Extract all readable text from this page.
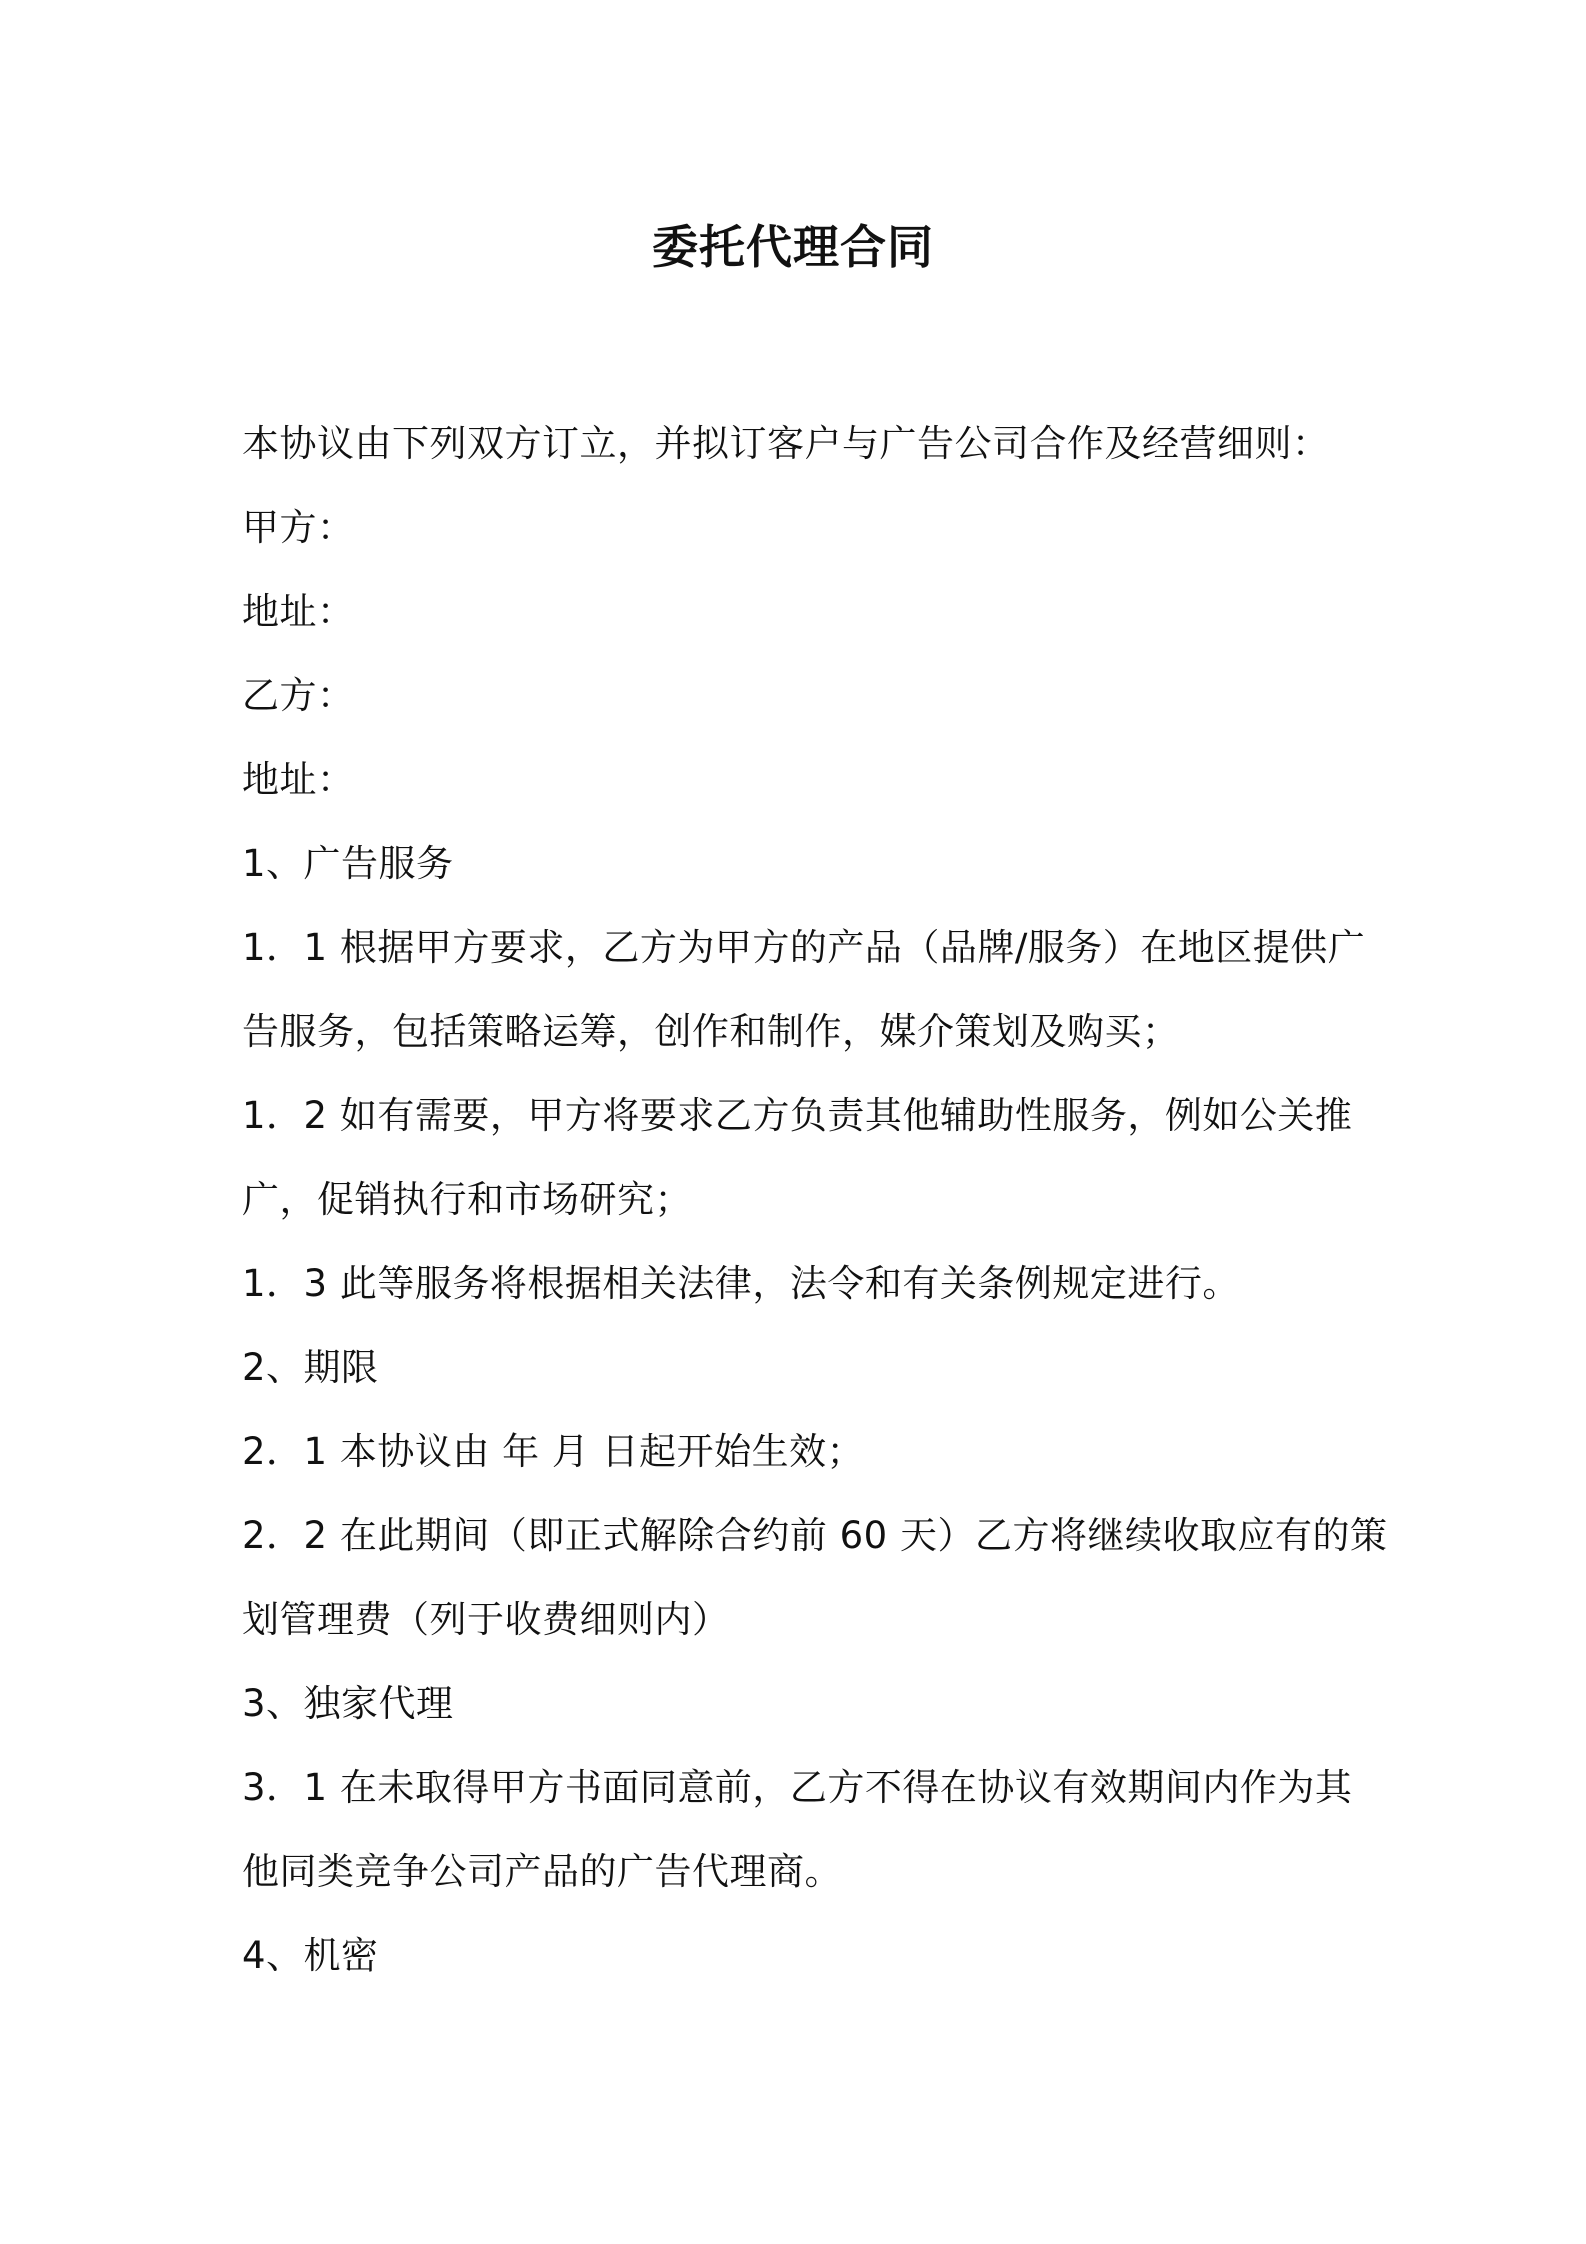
委托代理合同
本协议由下列双方订立，并拟订客户与广告公司合作及经营细则：
甲方：
地址：
乙方：
地址：
1、广告服务
1．1 根据甲方要求，乙方为甲方的产品（品牌/服务）在地区提供广
告服务，包括策略运筹，创作和制作，媒介策划及购买；
1．2 如有需要，甲方将要求乙方负责其他辅助性服务，例如公关推
广，促销执行和市场研究；
1．3 此等服务将根据相关法律，法令和有关条例规定进行。
2、期限
2．1 本协议由 年 月 日起开始生效；
2．2 在此期间（即正式解除合约前 60 天）乙方将继续收取应有的策
划管理费（列于收费细则内）
3、独家代理
3．1 在未取得甲方书面同意前，乙方不得在协议有效期间内作为其
他同类竞争公司产品的广告代理商。
4、机密
